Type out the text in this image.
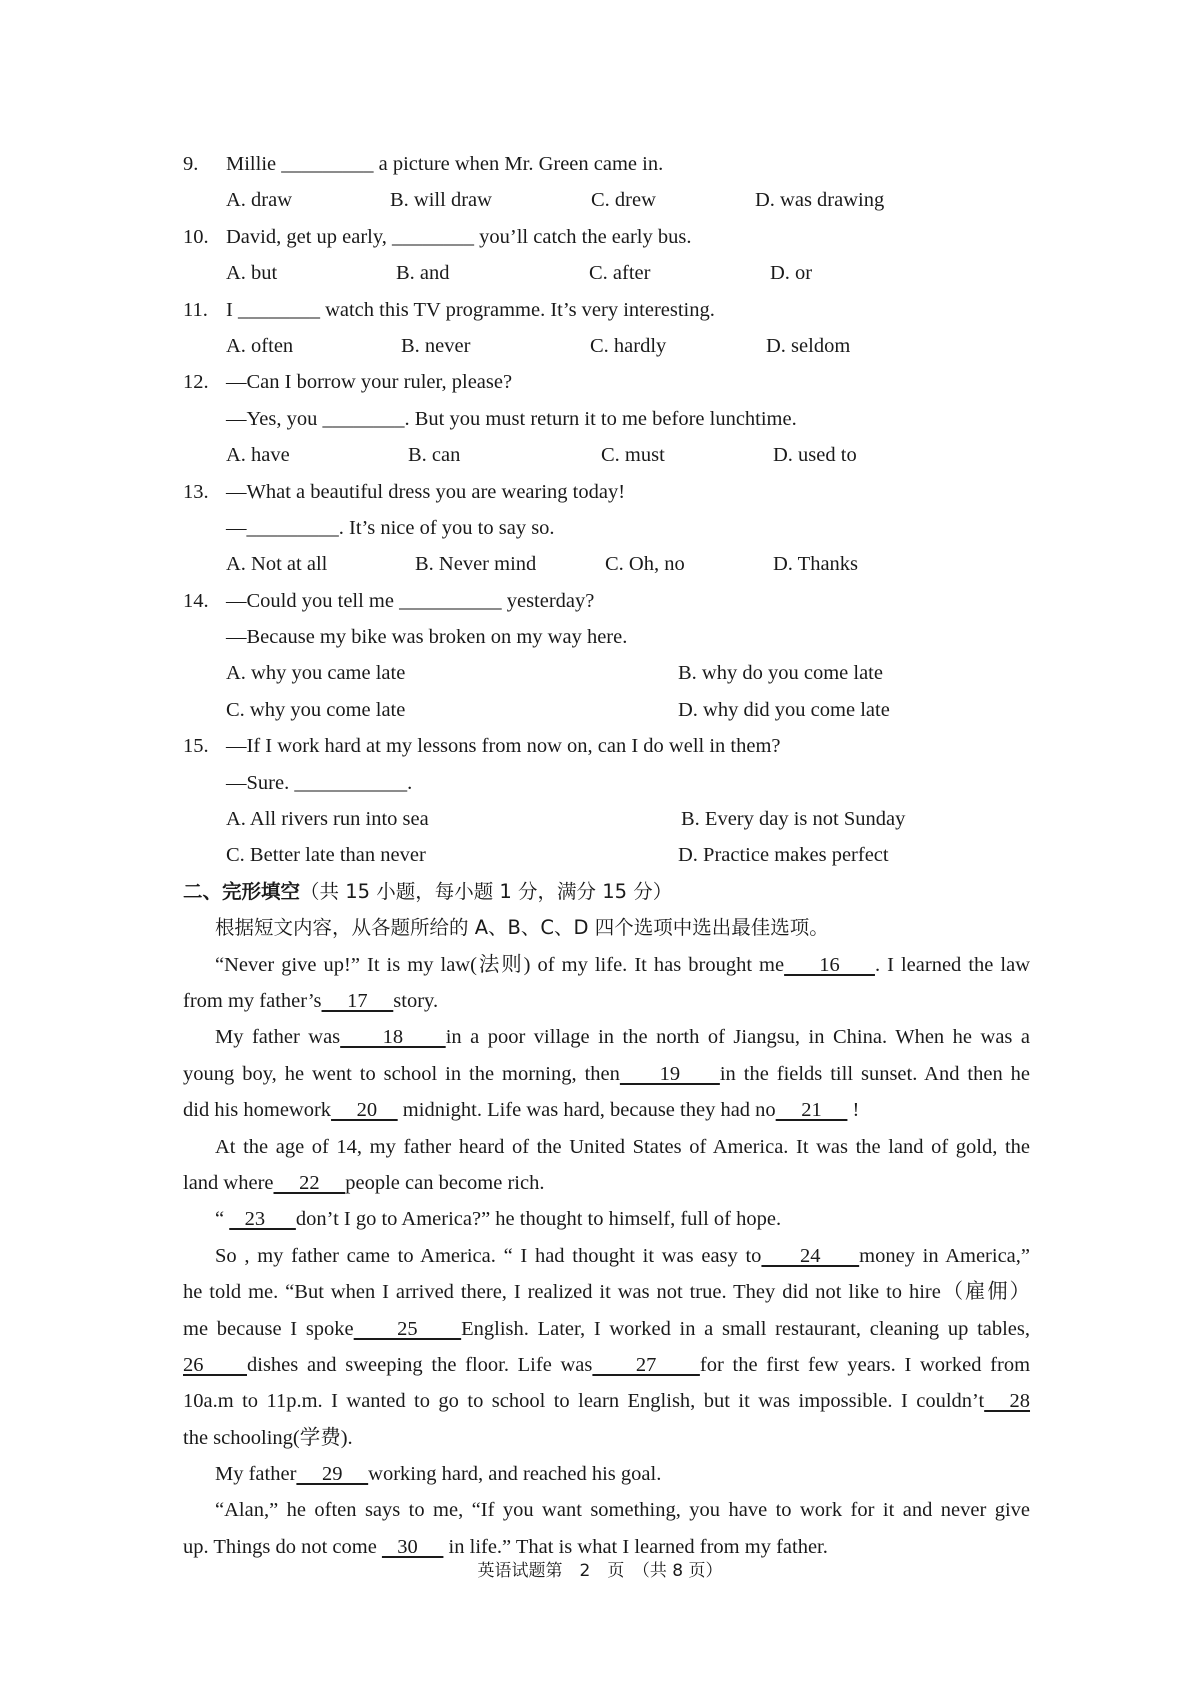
9. Millie _________ a picture when Mr. Green came in.
A. draw	B. will draw	C. drew	D. was drawing
10. David, get up early, ________ you’ll catch the early bus.
A. but	B. and	C. after	D. or
11. I ________ watch this TV programme. It’s very interesting.
A. often	B. never	C. hardly	D. seldom
12. —Can I borrow your ruler, please?
—Yes, you ________. But you must return it to me before lunchtime.
A. have	B. can	C. must	D. used to
13. —What a beautiful dress you are wearing today!
—_________. It’s nice of you to say so.
A. Not at all	B. Never mind	C. Oh, no	D. Thanks
14. —Could you tell me __________ yesterday?
—Because my bike was broken on my way here.
A. why you came late	B. why do you come late
C. why you come late	D. why did you come late
15. —If I work hard at my lessons from now on, can I do well in them?
—Sure. ___________.
A. All rivers run into sea	B. Every day is not Sunday
C. Better late than never	D. Practice makes perfect
二、完形填空（共 15 小题，每小题 1 分，满分 15 分）
根据短文内容，从各题所给的 A、B、C、D 四个选项中选出最佳选项。
“Never give up!” It is my law(法则) of my life. It has brought me     16     . I learned the law
from my father’s     17     story.
My father was     18     in a poor village in the north of Jiangsu, in China. When he was a
young boy, he went to school in the morning, then     19     in the fields till sunset. And then he
did his homework     20     midnight. Life was hard, because they had no     21      !
At the age of 14, my father heard of the United States of America. It was the land of gold, the
land where     22     people can become rich.
“    23      don’t I go to America?” he thought to himself, full of hope.
So , my father came to America. “ I had thought it was easy to     24     money in America,”
he told me. “But when I arrived there, I realized it was not true. They did not like to hire（雇佣）
me because I spoke     25     English. Later, I worked in a small restaurant, cleaning up tables,
26     dishes and sweeping the floor. Life was     27     for the first few years. I worked from
10a.m to 11p.m. I wanted to go to school to learn English, but it was impossible. I couldn’t   28
the schooling(学费).
My father     29     working hard, and reached his goal.
“Alan,” he often says to me, “If you want something, you have to work for it and never give
up. Things do not come    30      in life.” That is what I learned from my father.
英语试题第　2　页　（共 8 页）
